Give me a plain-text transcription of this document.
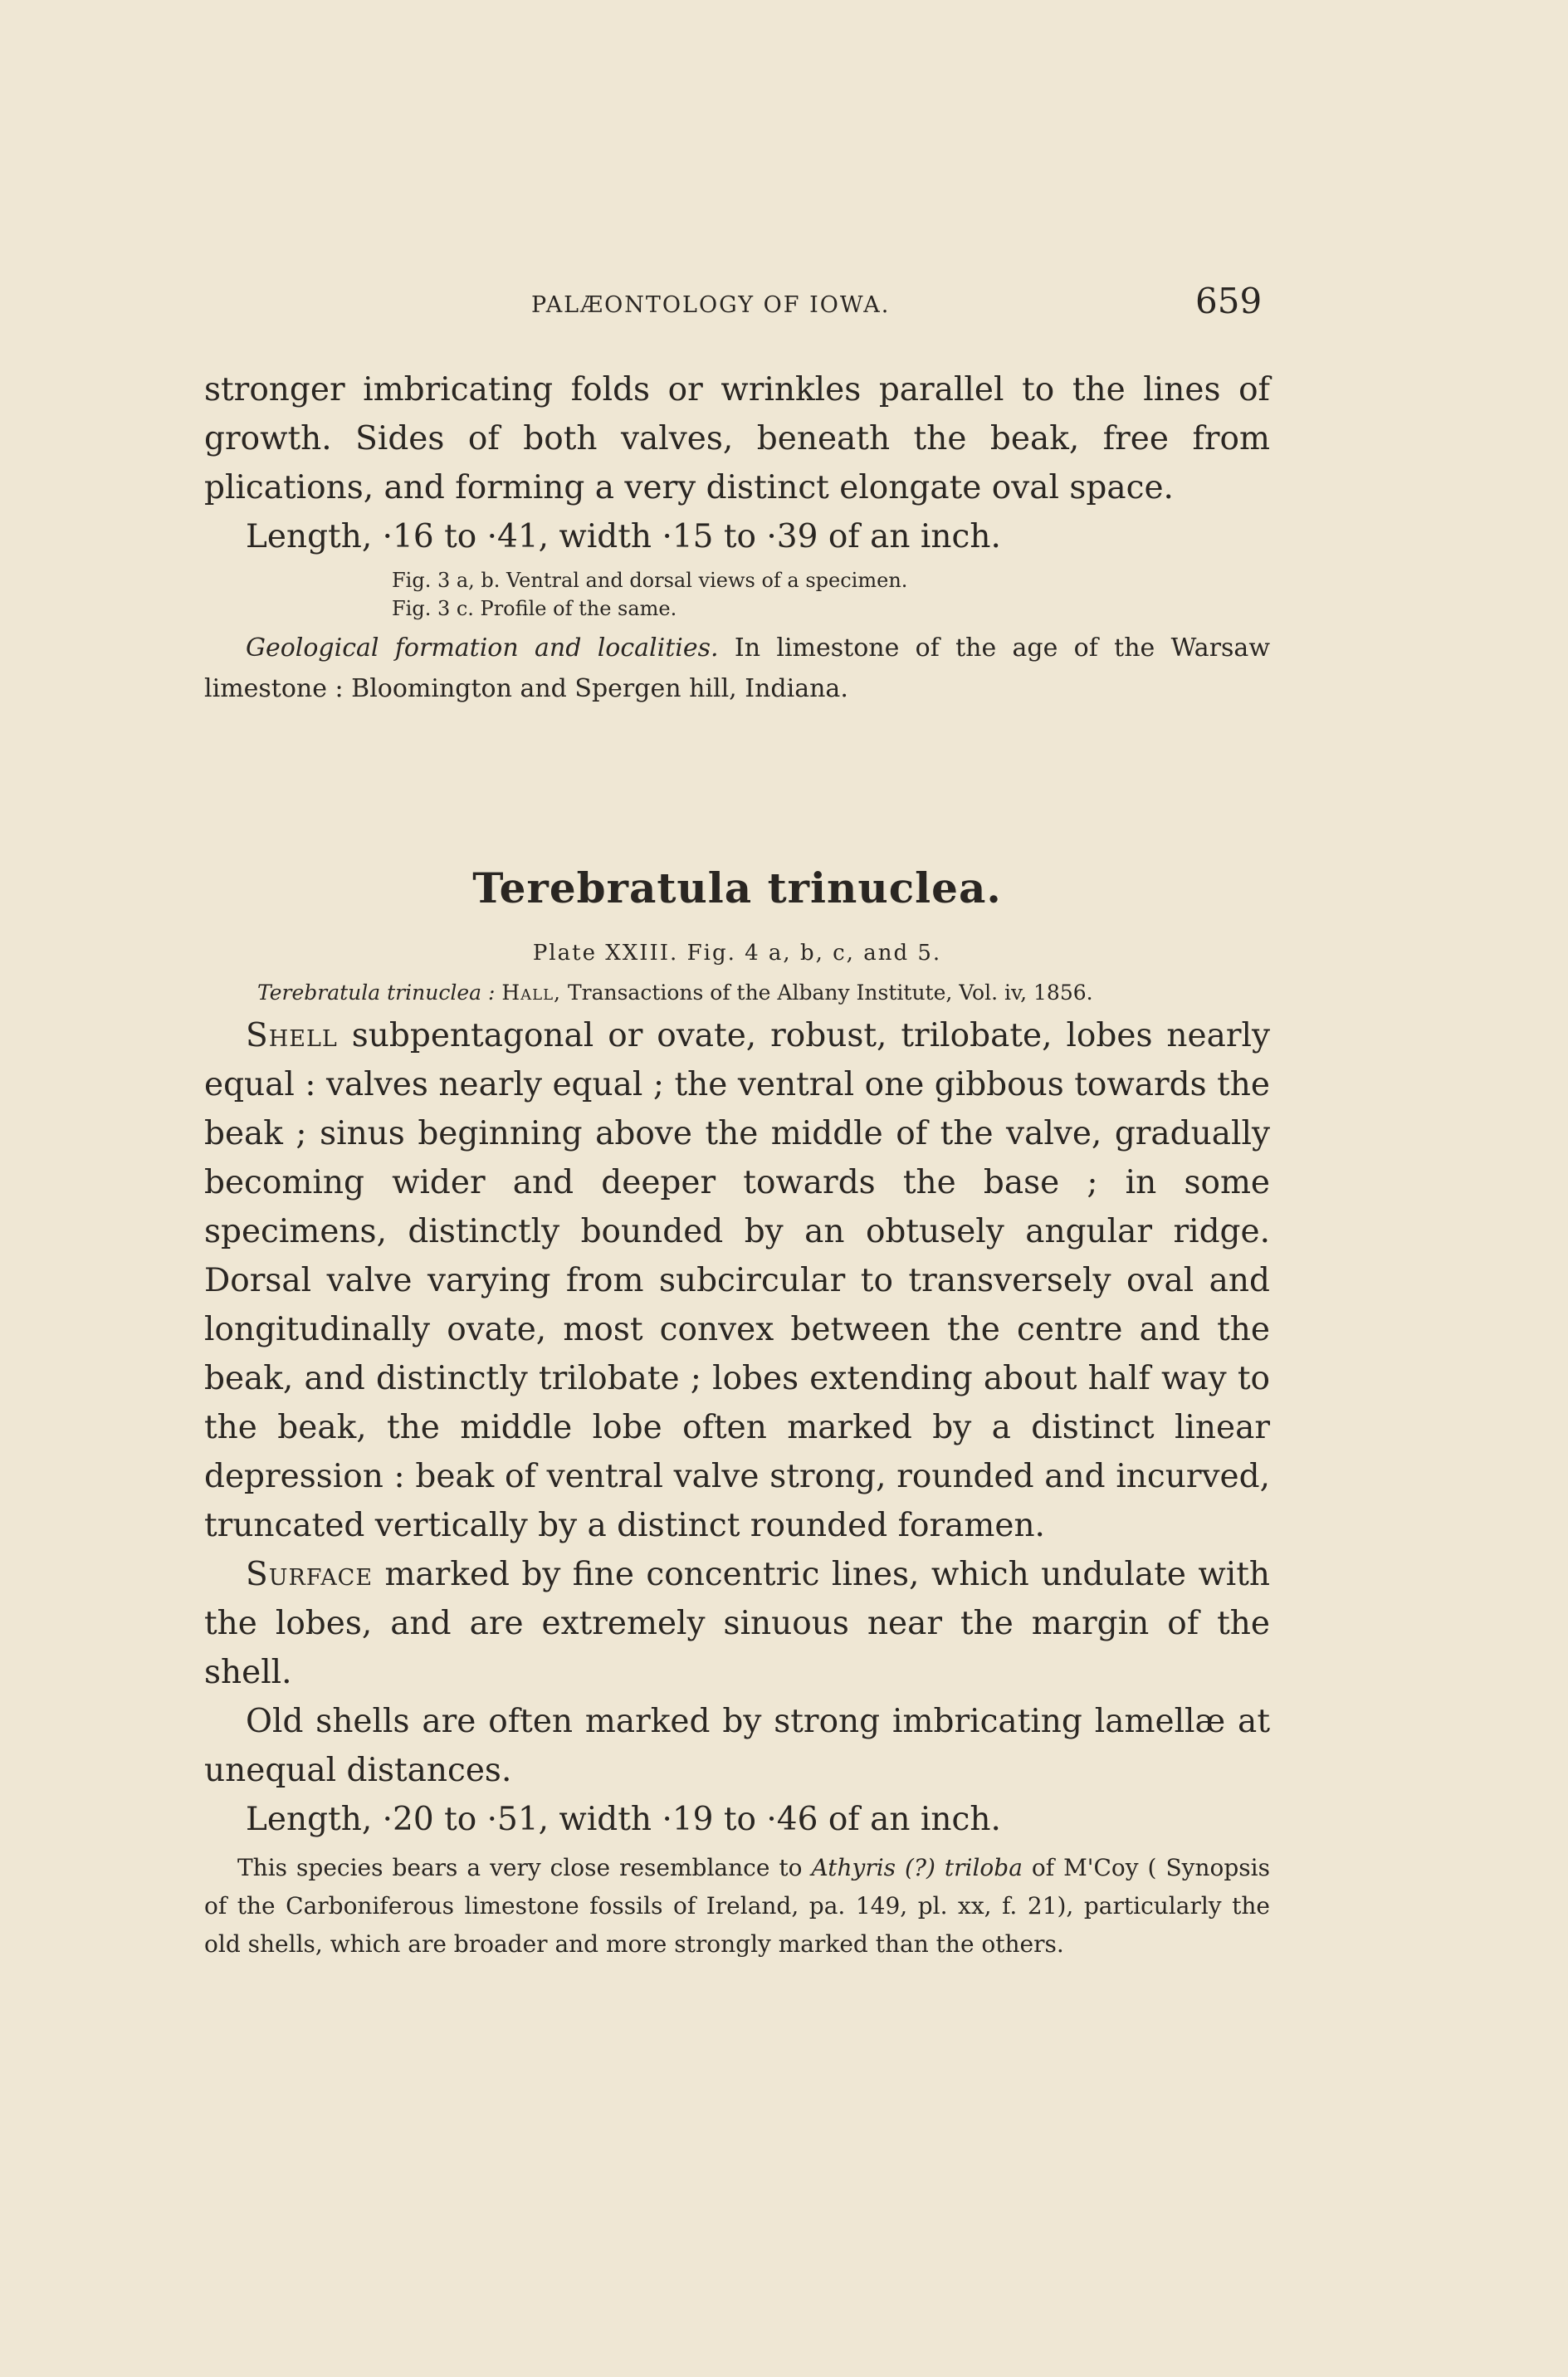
PALÆONTOLOGY OF IOWA.	659

stronger imbricating folds or wrinkles parallel to the lines of growth. Sides of both valves, beneath the beak, free from plications, and forming a very distinct elongate oval space.

Length, ·16 to ·41, width ·15 to ·39 of an inch.

Fig. 3 a, b. Ventral and dorsal views of a specimen.

Fig. 3 c. Profile of the same.

Geological formation and localities. In limestone of the age of the Warsaw limestone : Bloomington and Spergen hill, Indiana.

Terebratula trinuclea.

Plate XXIII. Fig. 4 a, b, c, and 5.

Terebratula trinuclea : Hall, Transactions of the Albany Institute, Vol. iv, 1856.

Shell subpentagonal or ovate, robust, trilobate, lobes nearly equal : valves nearly equal ; the ventral one gibbous towards the beak ; sinus beginning above the middle of the valve, gradually becoming wider and deeper towards the base ; in some specimens, distinctly bounded by an obtusely angular ridge. Dorsal valve varying from subcircular to transversely oval and longitudinally ovate, most convex between the centre and the beak, and distinctly trilobate ; lobes extending about half way to the beak, the middle lobe often marked by a distinct linear depression : beak of ventral valve strong, rounded and incurved, truncated vertically by a distinct rounded foramen.

Surface marked by fine concentric lines, which undulate with the lobes, and are extremely sinuous near the margin of the shell.

Old shells are often marked by strong imbricating lamellæ at unequal distances.

Length, ·20 to ·51, width ·19 to ·46 of an inch.

This species bears a very close resemblance to Athyris (?) triloba of M'Coy ( Synopsis of the Carboniferous limestone fossils of Ireland, pa. 149, pl. xx, f. 21), particularly the old shells, which are broader and more strongly marked than the others.
